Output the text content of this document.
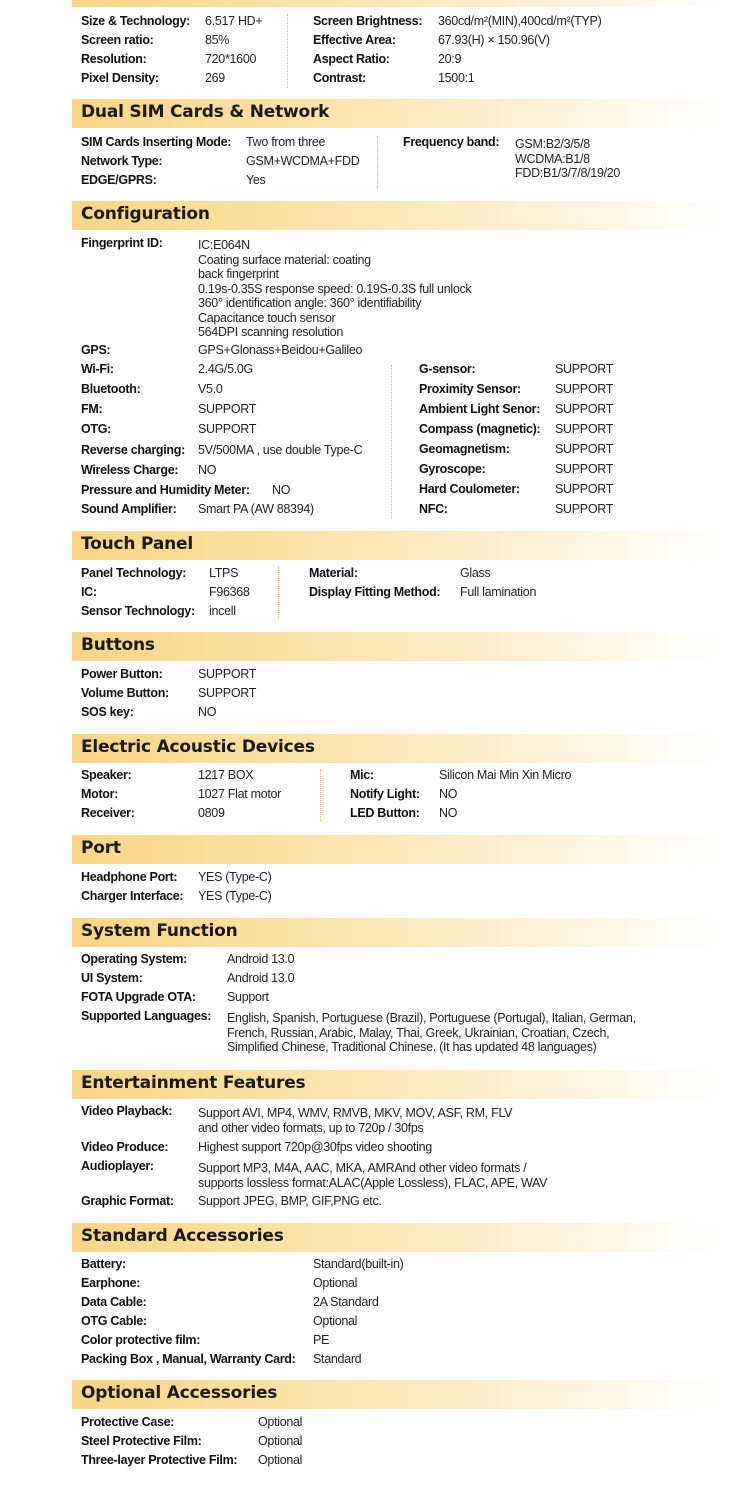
Size & Technology: 6.517 HD+
Screen ratio:	85%
Resolution:	720*1600
Pixel Density:	269
Screen Brightness: 360cd/m²(MIN),400cd/m²(TYP)
Effective Area:	67.93(H) × 150.96(V)
Aspect Ratio:	20:9
Contrast:	1500:1
Dual SIM Cards & Network
SIM Cards Inserting Mode: Two from three
Network Type:	GSM+WCDMA+FDD
EDGE/GPRS:	Yes
Frequency band: GSM:B2/3/5/8
WCDMA:B1/8
FDD:B1/3/7/8/19/20
Configuration
Fingerprint ID:	IC:E064N
Coating surface material: coating
back fingerprint
0.19s-0.35S response speed: 0.19S-0.3S full unlock
360° identification angle: 360° identifiability
Capacitance touch sensor
564DPI scanning resolution
GPS:	GPS+Glonass+Beidou+Galileo
Wi-Fi:	2.4G/5.0G
Bluetooth:	V5.0
FM:	SUPPORT
OTG:	SUPPORT
Reverse charging: 5V/500MA , use double Type-C
Wireless Charge: NO
Pressure and Humidity Meter: NO
Sound Amplifier: Smart PA (AW 88394)
G-sensor:	SUPPORT
Proximity Sensor:	SUPPORT
Ambient Light Senor: SUPPORT
Compass (magnetic): SUPPORT
Geomagnetism:	SUPPORT
Gyroscope:	SUPPORT
Hard Coulometer:	SUPPORT
NFC:	SUPPORT
Touch Panel
Panel Technology: LTPS
IC:	F96368
Sensor Technology: incell
Material:	Glass
Display Fitting Method: Full lamination
Buttons
Power Button:	SUPPORT
Volume Button: SUPPORT
SOS key:	NO
Electric Acoustic Devices
Speaker:	1217 BOX
Motor:	1027 Flat motor
Receiver:	0809
Mic:	Silicon Mai Min Xin Micro
Notify Light: NO
LED Button: NO
Port
Headphone Port: YES (Type-C)
Charger Interface: YES (Type-C)
System Function
Operating System:	Android 13.0
UI System:	Android 13.0
FOTA Upgrade OTA: Support
Supported Languages: English, Spanish, Portuguese (Brazil), Portuguese (Portugal), Italian, German,
French, Russian, Arabic, Malay, Thai, Greek, Ukrainian, Croatian, Czech,
Simplified Chinese, Traditional Chinese. (It has updated 48 languages)
Entertainment Features
Video Playback: Support AVI, MP4, WMV, RMVB, MKV, MOV, ASF, RM, FLV
and other video formats, up to 720p / 30fps
Video Produce: Highest support 720p@30fps video shooting
Audioplayer:	Support MP3, M4A, AAC, MKA, AMRAnd other video formats /
supports lossless format:ALAC(Apple Lossless), FLAC, APE, WAV
Graphic Format: Support JPEG, BMP, GIF,PNG etc.
Standard Accessories
Battery:	Standard(built-in)
Earphone:	Optional
Data Cable:	2A Standard
OTG Cable:	Optional
Color protective film:	PE
Packing Box , Manual, Warranty Card: Standard
Optional Accessories
Protective Case:	Optional
Steel Protective Film:	Optional
Three-layer Protective Film: Optional
